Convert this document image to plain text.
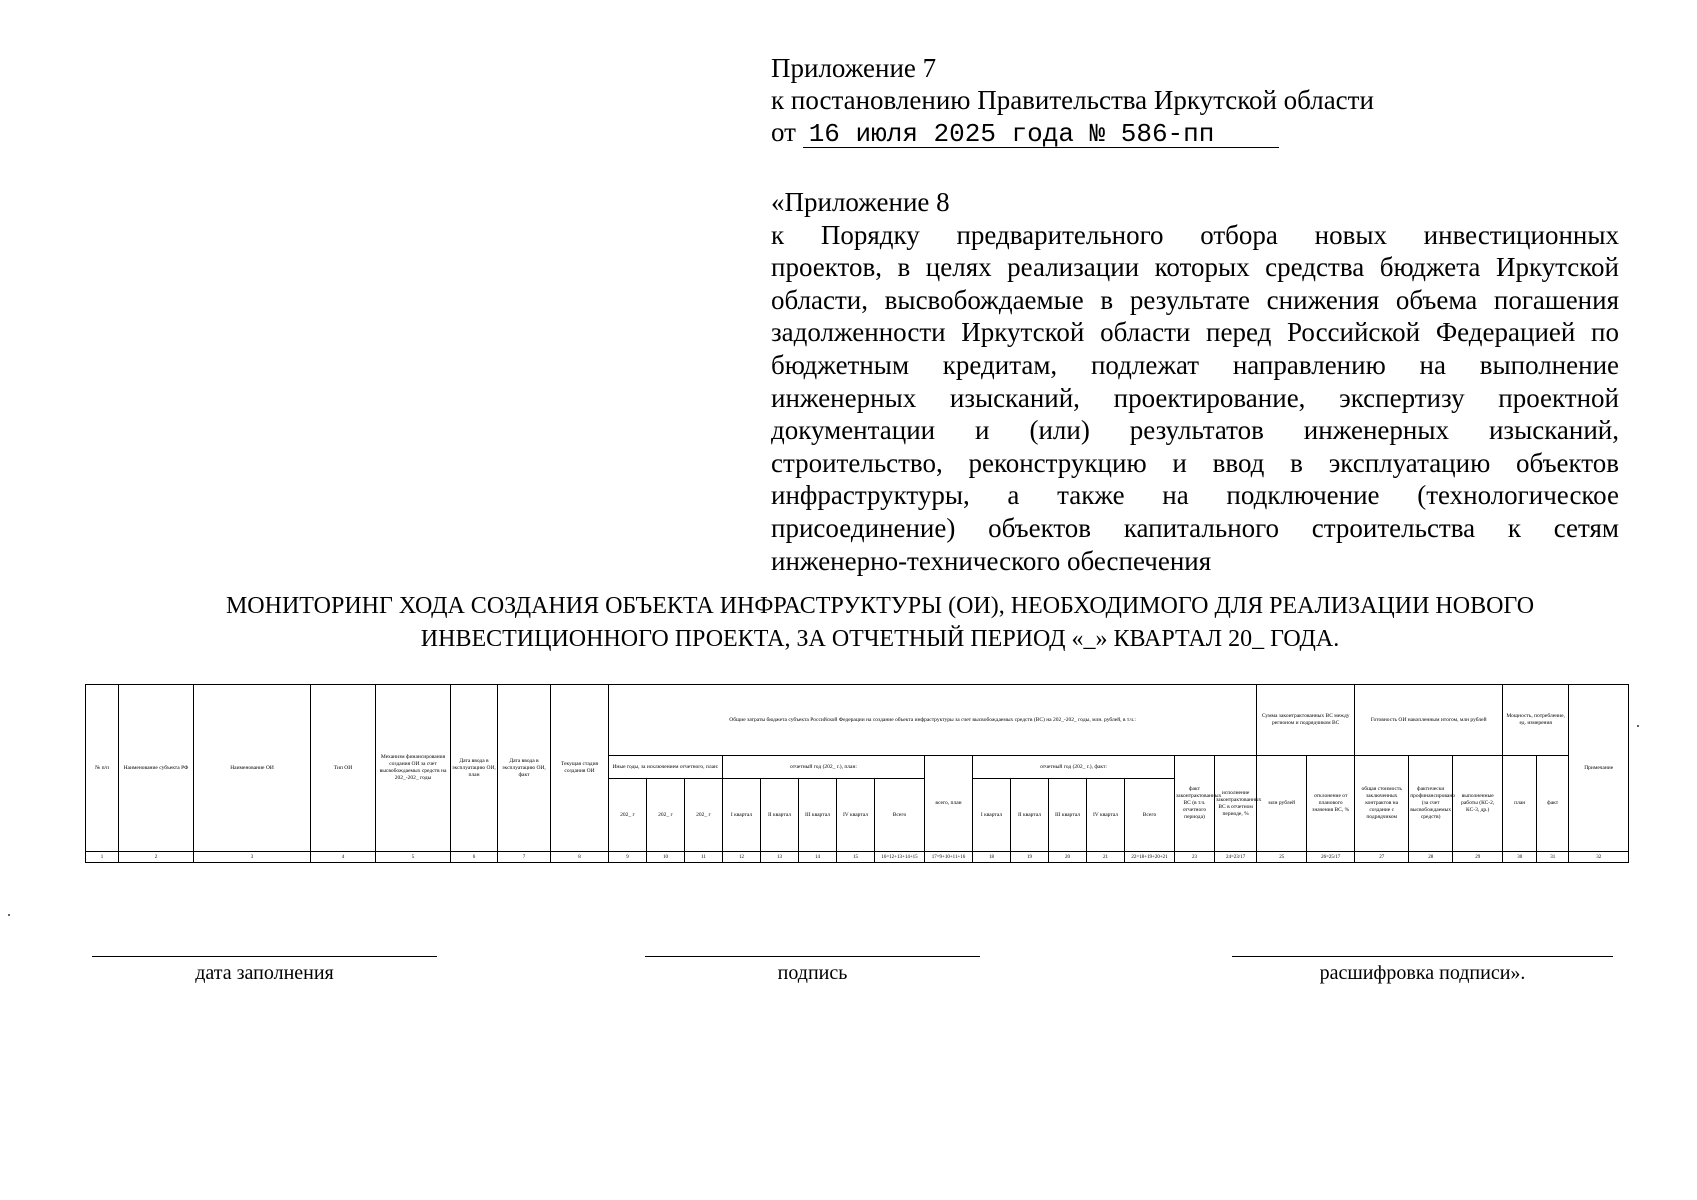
Приложение 7
к постановлению Правительства Иркутской области
от 16 июля 2025 года № 586-пп
«Приложение 8
к Порядку предварительного отбора новых инвестиционных
проектов, в целях реализации которых средства бюджета Иркутской
области, высвобождаемые в результате снижения объема погашения
задолженности Иркутской области перед Российской Федерацией по
бюджетным кредитам, подлежат направлению на выполнение
инженерных изысканий, проектирование, экспертизу проектной
документации и (или) результатов инженерных изысканий,
строительство, реконструкцию и ввод в эксплуатацию объектов
инфраструктуры, а также на подключение (технологическое
присоединение) объектов капитального строительства к сетям
инженерно-технического обеспечения
МОНИТОРИНГ ХОДА СОЗДАНИЯ ОБЪЕКТА ИНФРАСТРУКТУРЫ (ОИ), НЕОБХОДИМОГО ДЛЯ РЕАЛИЗАЦИИ НОВОГО
ИНВЕСТИЦИОННОГО ПРОЕКТА, ЗА ОТЧЕТНЫЙ ПЕРИОД «_» КВАРТАЛ 20_ ГОДА.
№ п/п	Наименование субъекта РФ	Наименование ОИ	Тип ОИ	Механизм финансирования создания ОИ за счет высвобождаемых средств на 202_-202_ годы	Дата ввода в эксплуатацию ОИ, план	Дата ввода в эксплуатацию ОИ, факт	Текущая стадия создания ОИ	Общие затраты бюджета субъекта Российской Федерации на создание объекта инфраструктуры за счет высвобождаемых средств (ВС) на 202_-202_ годы, млн. рублей, в т.ч.:																Сумма законтрактованных ВС между регионом и подрядчиком ВС		Готовность ОИ накопленным итогом, млн рублей			Мощность, потребление, ед. измерения		Примечание
								Иные годы, за исключением отчетного, план:			отчетный год (202_ г.), план:					всего, план	отчетный год (202_ г.), факт:					факт законтрактованных ВС (в т.ч. отчетного периода)	исполнение законтрактованных ВС в отчетном периоде, %	млн рублей	отклонение от планового значения ВС, %	общая стоимость заключенных контрактов на создание с подрядчиком	фактически профинансировано (за счет высвобождаемых средств)	выполненные работы (КС-2, КС-3, др.)	план	факт	
								202_ г	202_ г	202_ г	I квартал	II квартал	III квартал	IV квартал	Всего		I квартал	II квартал	III квартал	IV квартал	Всего										
1	2	3	4	5	6	7	8	9	10	11	12	13	14	15	16=12+13+14+15	17=9+10+11+16	18	19	20	21	22=18+19+20+21	23	24=23/17	25	26=25/17	27	28	29	30	31	32
дата заполнения	подпись	расшифровка подписи».
